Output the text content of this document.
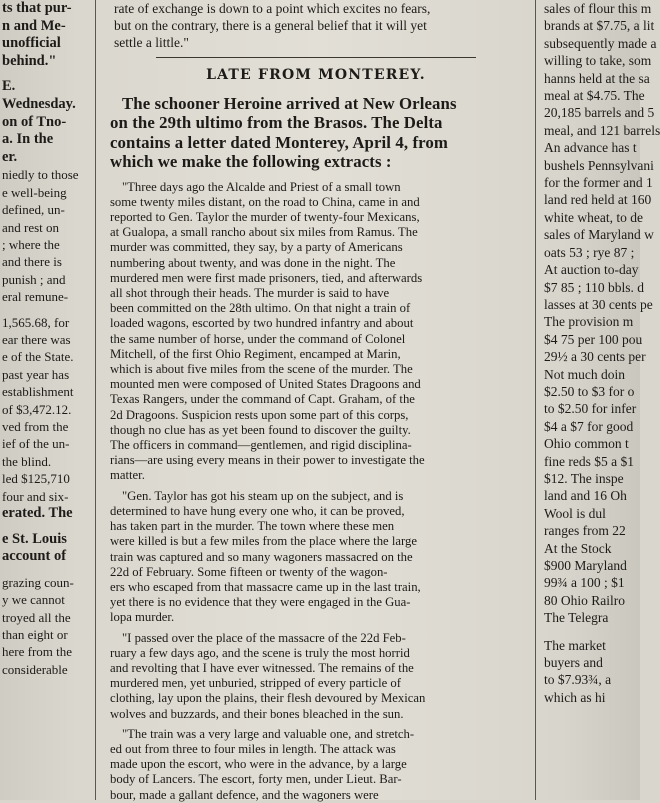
ts that pur-
n and Me-
unofficial
behind."
E.
Wednesday.
on of Tno-
a. In the
er.
niedly to those
e well-being
defined, un-
and rest on
; where the
and there is
punish ; and
eral remune-
1,565.68, for
ear there was
e of the State.
past year has
establishment
of $3,472.12.
ved from the
ief of the un-
the blind.
led $125,710
four and six-
erated. The
e St. Louis
account of
grazing coun-
y we cannot
troyed all the
than eight or
here from the
considerable
rate of exchange is down to a point which excites no fears,
but on the contrary, there is a general belief that it will yet
settle a little."
LATE FROM MONTEREY.
The schooner Heroine arrived at New Orleans
on the 29th ultimo from the Brasos. The Delta
contains a letter dated Monterey, April 4, from
which we make the following extracts :
"Three days ago the Alcalde and Priest of a small town
some twenty miles distant, on the road to China, came in and
reported to Gen. Taylor the murder of twenty-four Mexicans,
at Gualopa, a small rancho about six miles from Ramus. The
murder was committed, they say, by a party of Americans
numbering about twenty, and was done in the night. The
murdered men were first made prisoners, tied, and afterwards
all shot through their heads. The murder is said to have
been committed on the 28th ultimo. On that night a train of
loaded wagons, escorted by two hundred infantry and about
the same number of horse, under the command of Colonel
Mitchell, of the first Ohio Regiment, encamped at Marin,
which is about five miles from the scene of the murder. The
mounted men were composed of United States Dragoons and
Texas Rangers, under the command of Capt. Graham, of the
2d Dragoons. Suspicion rests upon some part of this corps,
though no clue has as yet been found to discover the guilty.
The officers in command—gentlemen, and rigid disciplina-
rians—are using every means in their power to investigate the
matter.
"Gen. Taylor has got his steam up on the subject, and is
determined to have hung every one who, it can be proved,
has taken part in the murder. The town where these men
were killed is but a few miles from the place where the large
train was captured and so many wagoners massacred on the
22d of February. Some fifteen or twenty of the wagon-
ers who escaped from that massacre came up in the last train,
yet there is no evidence that they were engaged in the Gua-
lopa murder.
"I passed over the place of the massacre of the 22d Feb-
ruary a few days ago, and the scene is truly the most horrid
and revolting that I have ever witnessed. The remains of the
murdered men, yet unburied, stripped of every particle of
clothing, lay upon the plains, their flesh devoured by Mexican
wolves and buzzards, and their bones bleached in the sun.
"The train was a very large and valuable one, and stretch-
ed out from three to four miles in length. The attack was
made upon the escort, who were in the advance, by a large
body of Lancers. The escort, forty men, under Lieut. Bar-
bour, made a gallant defence, and the wagoners were
sales of flour this m
brands at $7.75, a lit
subsequently made a
willing to take, som
hanns held at the sa
meal at $4.75. The
20,185 barrels and 5
meal, and 121 barrels
An advance has t
bushels Pennsylvani
for the former and 1
land red held at 160
white wheat, to de
sales of Maryland w
oats 53 ; rye 87 ;
At auction to-day
$7 85 ; 110 bbls. d
lasses at 30 cents pe
The provision m
$4 75 per 100 pou
29½ a 30 cents per
Not much doin
$2.50 to $3 for o
to $2.50 for infer
$4 a $7 for good
Ohio common t
fine reds $5 a $1
$12. The inspe
land and 16 Oh
Wool is dul
ranges from 22
At the Stock
$900 Maryland
99¾ a 100 ; $1
80 Ohio Railro
The Telegra
The market
buyers and
to $7.93¾, a
which as hi
